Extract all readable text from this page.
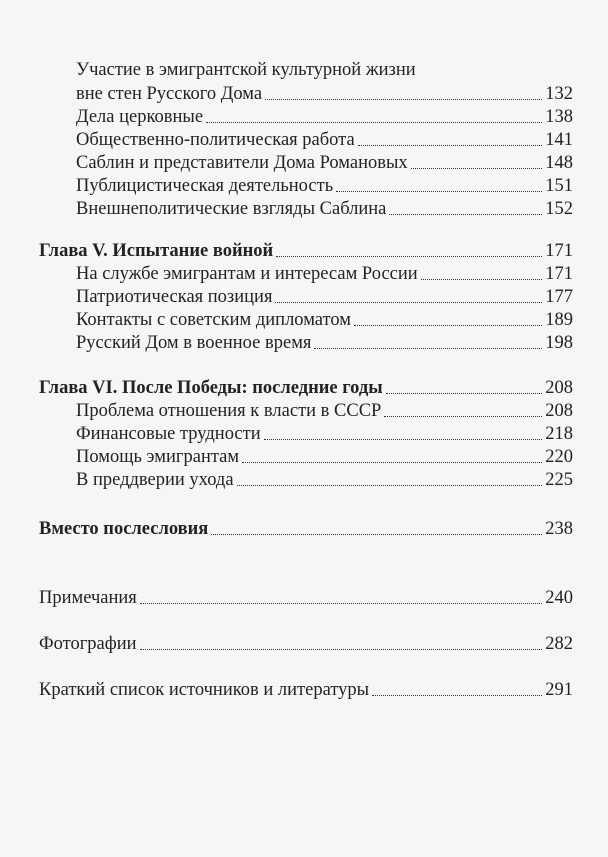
Участие в эмигрантской культурной жизни
вне стен Русского Дома	132
Дела церковные	138
Общественно-политическая работа	141
Саблин и представители Дома Романовых	148
Публицистическая деятельность	151
Внешнеполитические взгляды Саблина	152
Глава V. Испытание войной	171
На службе эмигрантам и интересам России	171
Патриотическая позиция	177
Контакты с советским дипломатом	189
Русский Дом в военное время	198
Глава VI. После Победы: последние годы	208
Проблема отношения к власти в СССР	208
Финансовые трудности	218
Помощь эмигрантам	220
В преддверии ухода	225
Вместо послесловия	238
Примечания	240
Фотографии	282
Краткий список источников и литературы	291
